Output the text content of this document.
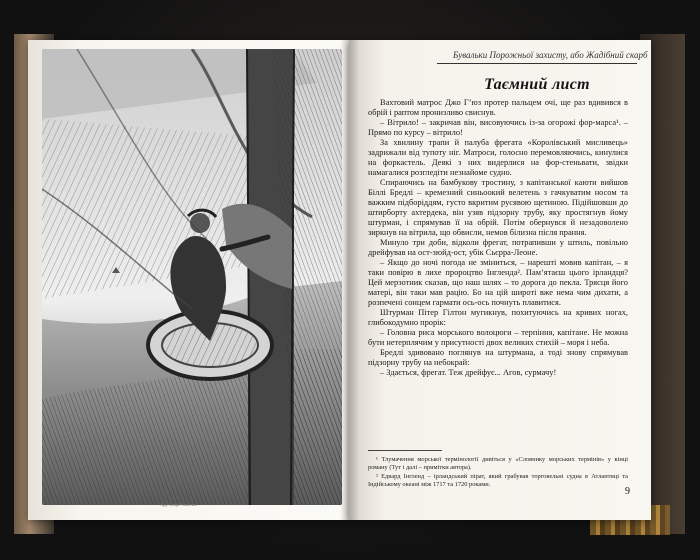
Худ. Sergii Pavlenko
Бувальки Порожньої захисту, або Жадібний скарб
Таємний лист

Вахтовий матрос Джо Г’юз протер пальцем очі, ще раз вдивився в обрій і раптом пронизливо свиснув.

– Вітрило! – закричав він, висовуючись із-за огорожі фор-марса¹. – Прямо по курсу – вітрило!

За хвилину трапи й палуба фрегата «Королівський мисливець» задрижали від тупоту ніг. Матроси, голосно перемовляючись, кинулися на форкастель. Деякі з них видерлися на фор-стеньвати, звідки намагалися розгледіти незнайоме судно.

Спираючись на бамбукову тростину, з капітанської каюти вийшов Біллі Бредлі – кремезний синьоокий велетень з гачкуватим носом та важким підборіддям, густо вкритим русявою щетиною. Підійшовши до штирборту ахтердека, він узяв підзорну трубу, яку простягнув йому штурман, і спрямував її на обрій. Потім обернувся й незадоволено зиркнув на вітрила, що обвисли, немов білизна після прання.

Минуло три доби, відколи фрегат, потрапивши у штиль, повільно дрейфував на ост-зюйд-ост, убік Сьєрра-Леоне.

– Якщо до ночі погода не зміниться, – нарешті мовив капітан, – я таки повірю в лихе пророцтво Інгленда². Пам’ятаєш цього ірландця? Цей мерзотник сказав, що наш шлях – то дорога до пекла. Трясця його матері, він таки мав рацію. Бо на цій широті вже нема чим дихати, а розпечені сонцем гармати ось-ось почнуть плавитися.

Штурман Пітер Гілтон мугикнув, похитуючись на кривих ногах, глибокодумно прорік:

– Головна риса морського волоцюги – терпіння, капітане. Не можна бути нетерплячим у присутності двох великих стихій – моря і неба.

Бредлі здивовано поглянув на штурмана, а тоді знову спрямував підзорну трубу на небокрай:

– Здається, фрегат. Теж дрейфує... Агов, сурмачу!

¹ Тлумачення морської термінології дивіться у «Словнику морських термінів» у кінці роману (Тут і далі – примітки автора).

² Едвард Інгленд – ірландський пірат, який грабував торговельні судна в Атлантиці та Індійському океані між 1717 та 1720 роками.

9
